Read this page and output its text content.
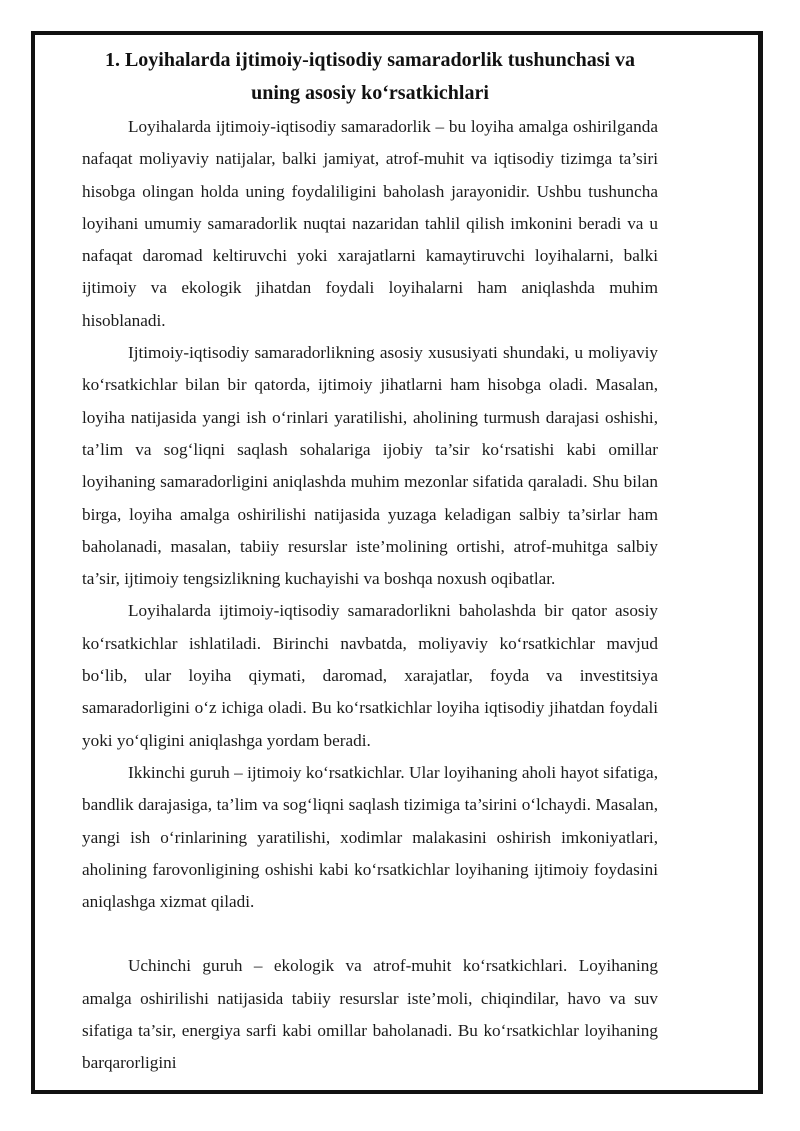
1. Loyihalarda ijtimoiy-iqtisodiy samaradorlik tushunchasi va uning asosiy ko‘rsatkichlari

Loyihalarda ijtimoiy-iqtisodiy samaradorlik – bu loyiha amalga oshirilganda nafaqat moliyaviy natijalar, balki jamiyat, atrof-muhit va iqtisodiy tizimga ta’siri hisobga olingan holda uning foydaliligini baholash jarayonidir. Ushbu tushuncha loyihani umumiy samaradorlik nuqtai nazaridan tahlil qilish imkonini beradi va u nafaqat daromad keltiruvchi yoki xarajatlarni kamaytiruvchi loyihalarni, balki ijtimoiy va ekologik jihatdan foydali loyihalarni ham aniqlashda muhim hisoblanadi.

Ijtimoiy-iqtisodiy samaradorlikning asosiy xususiyati shundaki, u moliyaviy ko‘rsatkichlar bilan bir qatorda, ijtimoiy jihatlarni ham hisobga oladi. Masalan, loyiha natijasida yangi ish o‘rinlari yaratilishi, aholining turmush darajasi oshishi, ta’lim va sog‘liqni saqlash sohalariga ijobiy ta’sir ko‘rsatishi kabi omillar loyihaning samaradorligini aniqlashda muhim mezonlar sifatida qaraladi. Shu bilan birga, loyiha amalga oshirilishi natijasida yuzaga keladigan salbiy ta’sirlar ham baholanadi, masalan, tabiiy resurslar iste’molining ortishi, atrof-muhitga salbiy ta’sir, ijtimoiy tengsizlikning kuchayishi va boshqa noxush oqibatlar.

Loyihalarda ijtimoiy-iqtisodiy samaradorlikni baholashda bir qator asosiy ko‘rsatkichlar ishlatiladi. Birinchi navbatda, moliyaviy ko‘rsatkichlar mavjud bo‘lib, ular loyiha qiymati, daromad, xarajatlar, foyda va investitsiya samaradorligini o‘z ichiga oladi. Bu ko‘rsatkichlar loyiha iqtisodiy jihatdan foydali yoki yo‘qligini aniqlashga yordam beradi.

Ikkinchi guruh – ijtimoiy ko‘rsatkichlar. Ular loyihaning aholi hayot sifatiga, bandlik darajasiga, ta’lim va sog‘liqni saqlash tizimiga ta’sirini o‘lchaydi. Masalan, yangi ish o‘rinlarining yaratilishi, xodimlar malakasini oshirish imkoniyatlari, aholining farovonligining oshishi kabi ko‘rsatkichlar loyihaning ijtimoiy foydasini aniqlashga xizmat qiladi.

Uchinchi guruh – ekologik va atrof-muhit ko‘rsatkichlari. Loyihaning amalga oshirilishi natijasida tabiiy resurslar iste’moli, chiqindilar, havo va suv sifatiga ta’sir, energiya sarfi kabi omillar baholanadi. Bu ko‘rsatkichlar loyihaning barqarorligini
